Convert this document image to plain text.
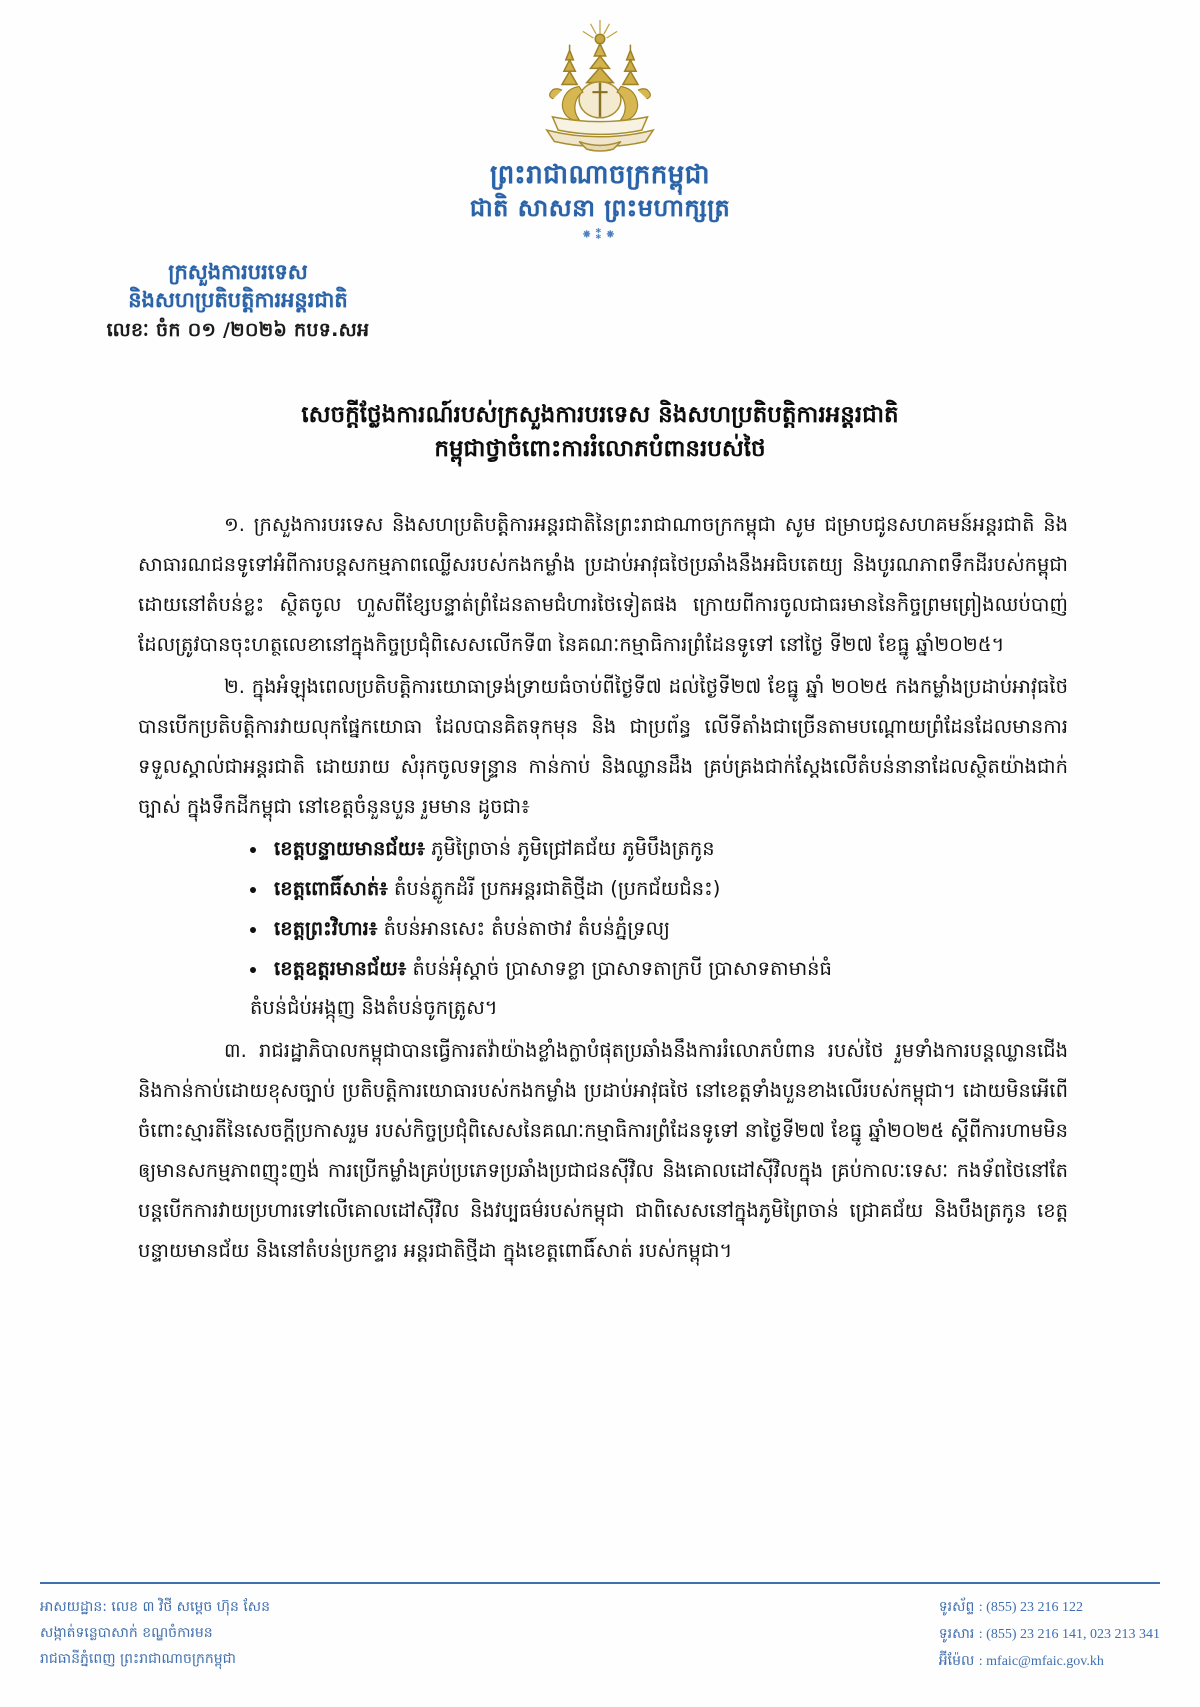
ព្រះរាជាណាចក្រកម្ពុជា
ជាតិ សាសនា ព្រះមហាក្សត្រ
⁕⁑⁕
ក្រសួងការបរទេស
និងសហប្រតិបត្តិការអន្តរជាតិ
លេខៈ ចំក ០១ /២០២៦ កបទ.សអ
សេចក្តីថ្លែងការណ៍របស់ក្រសួងការបរទេស និងសហប្រតិបត្តិការអន្តរជាតិ
កម្ពុជាថ្វាចំពោះការរំលោភបំពានរបស់ថៃ

១. ក្រសួងការបរទេស និងសហប្រតិបត្តិការអន្តរជាតិនៃព្រះរាជាណាចក្រកម្ពុជា សូម ជម្រាបជូនសហគមន៍អន្តរជាតិ និងសាធារណជនទូទៅអំពីការបន្តសកម្មភាពឈ្លើសរបស់កងកម្លាំង ប្រដាប់អាវុធថៃប្រឆាំងនឹងអធិបតេយ្យ និងបូរណភាពទឹកដីរបស់កម្ពុជា ដោយនៅតំបន់ខ្លះ ស្ថិតចូល ហួសពីខ្សែបន្ទាត់ព្រំដែនតាមជំហារថៃទៀតផង ក្រោយពីការចូលជាធរមាននៃកិច្ចព្រមព្រៀងឈប់បាញ់ ដែលត្រូវបានចុះហត្ថលេខានៅក្នុងកិច្ចប្រជុំពិសេសលើកទី៣ នៃគណៈកម្មាធិការព្រំដែនទូទៅ នៅថ្ងៃ ទី២៧ ខែធ្នូ ឆ្នាំ២០២៥។

២. ក្នុងអំឡុងពេលប្រតិបត្តិការយោធាទ្រង់ទ្រាយធំចាប់ពីថ្ងៃទី៧ ដល់ថ្ងៃទី២៧ ខែធ្នូ ឆ្នាំ ២០២៥ កងកម្លាំងប្រដាប់អាវុធថៃបានបើកប្រតិបត្តិការវាយលុកផ្នែកយោធា ដែលបានគិតទុកមុន និង ជាប្រព័ន្ធ លើទីតាំងជាច្រើនតាមបណ្ដោយព្រំដែនដែលមានការទទួលស្គាល់ជាអន្តរជាតិ ដោយរាយ សំរុកចូលទន្ទ្រាន កាន់កាប់ និងឈ្លានដឹង គ្រប់គ្រងជាក់ស្ដែងលើតំបន់នានាដែលស្ថិតយ៉ាងជាក់ច្បាស់ ក្នុងទឹកដីកម្ពុជា នៅខេត្តចំនួនបួន រួមមាន ដូចជា៖

ខេត្តបន្ទាយមានជ័យ៖ ភូមិព្រៃចាន់ ភូមិជ្រៅគជ័យ ភូមិបឹងត្រកូន
ខេត្តពោធិ៍សាត់៖ តំបន់ភ្លូកដំរី ប្រកអន្តរជាតិថ្មីដា (ប្រកជ័យជំនះ)
ខេត្តព្រះវិហារ៖ តំបន់អានសេះ តំបន់តាថាវ តំបន់ភ្នំទ្រល្យ
ខេត្តឧត្តរមានជ័យ៖ តំបន់អុំស្តាច់ ប្រាសាទខ្លា ប្រាសាទតាក្របី ប្រាសាទតាមាន់ធំ
តំបន់ជំប់អង្កុញ និងតំបន់ចូកត្រូស។

៣. រាជរដ្ឋាភិបាលកម្ពុជាបានធ្វើការតវ៉ាយ៉ាងខ្លាំងក្លាបំផុតប្រឆាំងនឹងការរំលោភបំពាន របស់ថៃ រួមទាំងការបន្តឈ្លានជើង និងកាន់កាប់ដោយខុសច្បាប់ ប្រតិបត្តិការយោធារបស់កងកម្លាំង ប្រដាប់អាវុធថៃ នៅខេត្តទាំងបួនខាងលើរបស់កម្ពុជា។ ដោយមិនអើពើចំពោះស្មារតីនៃសេចក្តីប្រកាសរួម របស់កិច្ចប្រជុំពិសេសនៃគណៈកម្មាធិការព្រំដែនទូទៅ នាថ្ងៃទី២៧ ខែធ្នូ ឆ្នាំ២០២៥ ស្តីពីការហាមមិន ឲ្យមានសកម្មភាពញុះញង់ ការប្រើកម្លាំងគ្រប់ប្រភេទប្រឆាំងប្រជាជនស៊ីវិល និងគោលដៅស៊ីវិលក្នុង គ្រប់កាលៈទេសៈ កងទ័ពថៃនៅតែបន្តបើកការវាយប្រហារទៅលើគោលដៅស៊ីវិល និងវប្បធម៌របស់កម្ពុជា ជាពិសេសនៅក្នុងភូមិព្រៃចាន់ ជ្រោគជ័យ និងបឹងត្រកូន ខេត្តបន្ទាយមានជ័យ និងនៅតំបន់ប្រកខ្ទារ អន្តរជាតិថ្មីដា ក្នុងខេត្តពោធិ៍សាត់ របស់កម្ពុជា។

អាសយដ្ឋាន: លេខ ៣ វិថី សម្តេច ហ៊ុន សែន
សង្កាត់ទន្លេបាសាក់ ខណ្ឌចំការមន
រាជធានីភ្នំពេញ ព្រះរាជាណាចក្រកម្ពុជា
ទូរស័ព្ទ : (855) 23 216 122
ទូរសារ : (855) 23 216 141, 023 213 341
អ៊ីម៉ែល : mfaic@mfaic.gov.kh
